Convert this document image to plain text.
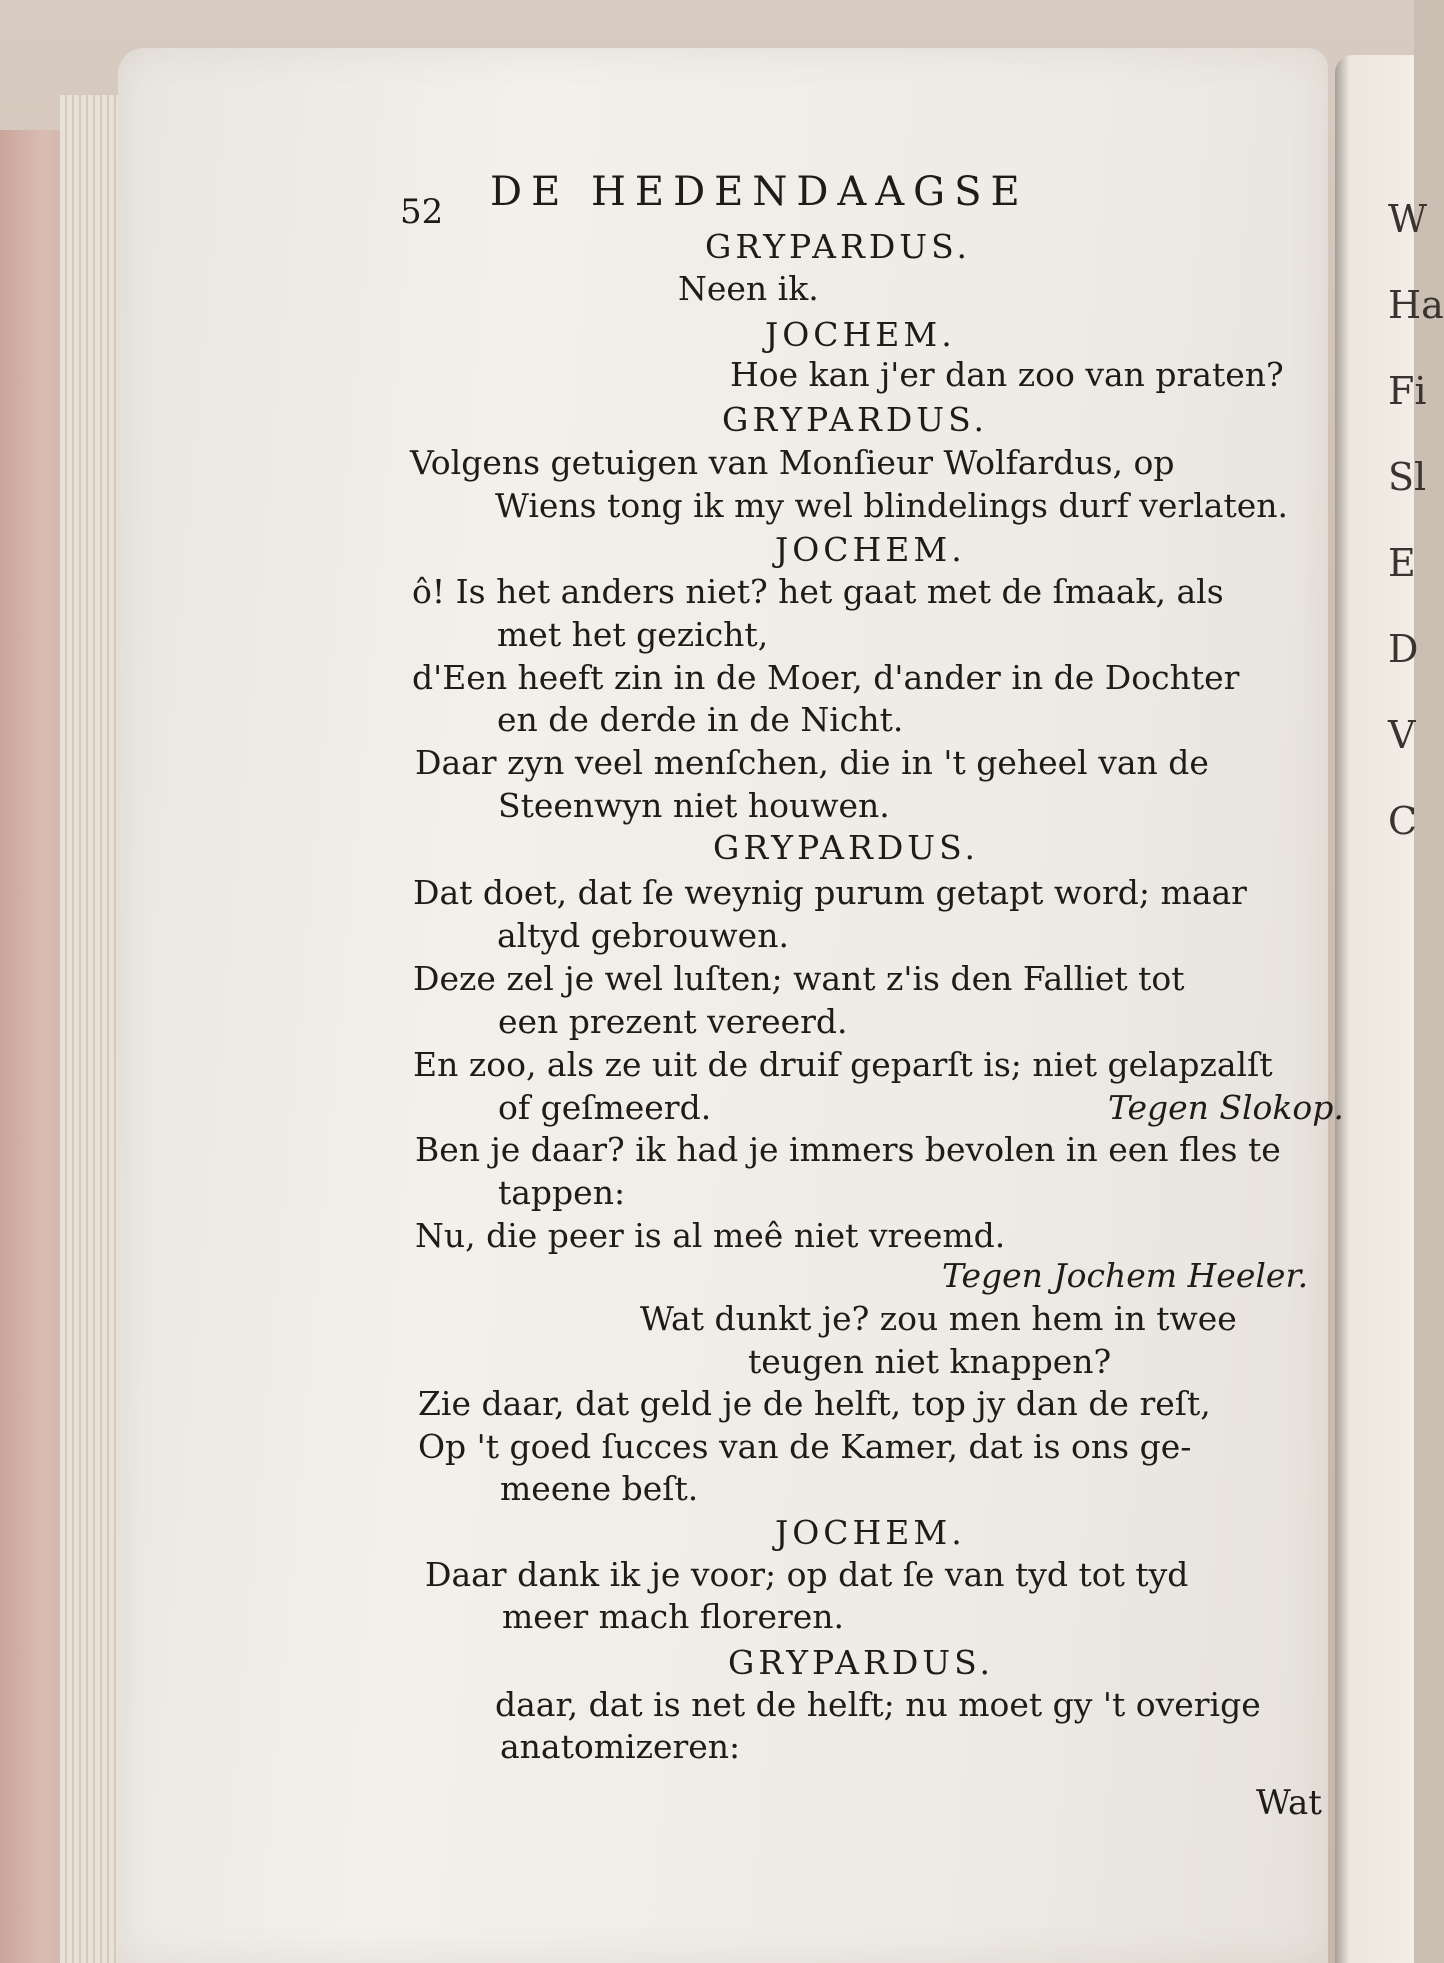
W
Ha
Fi
Sl
E
D
V
C
52 DE HEDENDAAGSE
GRYPARDUS.
Neen ik.
JOCHEM.
Hoe kan j'er dan zoo van praten?
GRYPARDUS.
Volgens getuigen van Monſieur Wolfardus, op
Wiens tong ik my wel blindelings durf verlaten.
JOCHEM.
ô! Is het anders niet? het gaat met de ſmaak, als
met het gezicht,
d'Een heeft zin in de Moer, d'ander in de Dochter
en de derde in de Nicht.
Daar zyn veel menſchen, die in 't geheel van de
Steenwyn niet houwen.
GRYPARDUS.
Dat doet, dat ſe weynig purum getapt word; maar
altyd gebrouwen.
Deze zel je wel luſten; want z'is den Falliet tot
een prezent vereerd.
En zoo, als ze uit de druif geparſt is; niet gelapzalſt
of geſmeerd.	Tegen Slokop.
Ben je daar? ik had je immers bevolen in een fles te
tappen:
Nu, die peer is al meê niet vreemd.
Tegen Jochem Heeler.
Wat dunkt je? zou men hem in twee
teugen niet knappen?
Zie daar, dat geld je de helft, top jy dan de reſt,
Op 't goed ſucces van de Kamer, dat is ons ge-
meene beſt.
JOCHEM.
Daar dank ik je voor; op dat ſe van tyd tot tyd
meer mach floreren.
GRYPARDUS.
daar, dat is net de helft; nu moet gy 't overige
anatomizeren:
Wat
